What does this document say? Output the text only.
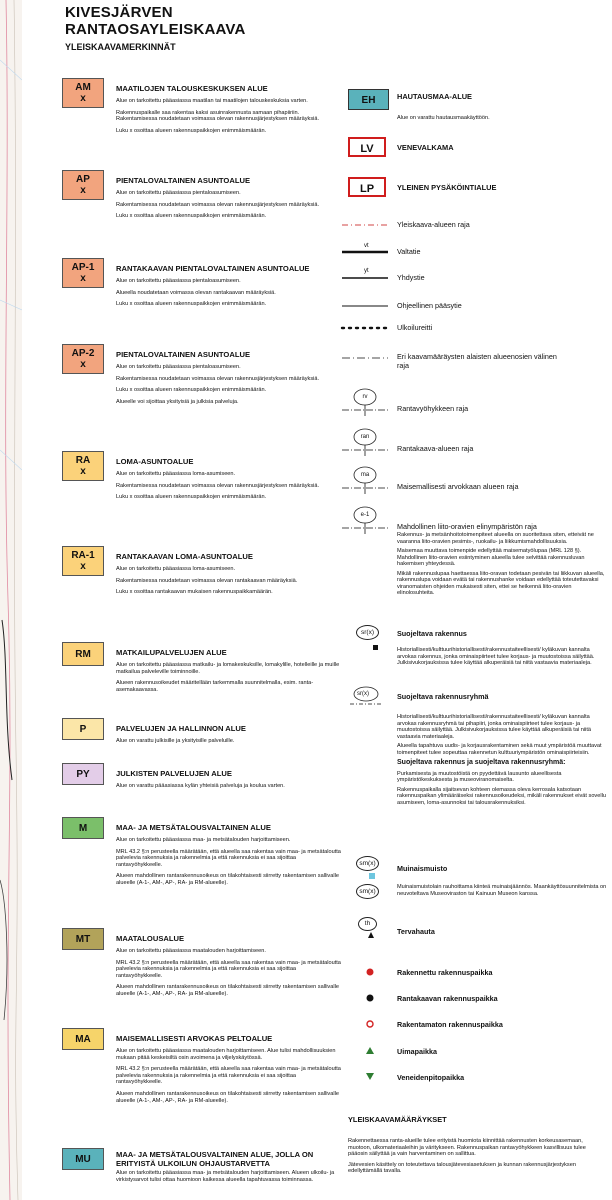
KIVESJÄRVEN
RANTAOSAYLEISKAAVA
YLEISKAAVAMERKINNÄT
AM
x
MAATILOJEN TALOUSKESKUKSEN ALUE
Alue on tarkoitettu pääasiassa maatilan tai maatilojen talouskeskuksia varten.
Rakennuspaikalle saa rakentaa kaksi asuinrakennusta samaan pihapiiriin. Rakentamisessa noudatetaan voimassa olevan rakennusjärjestyksen määräyksiä.
Luku x osoittaa alueen rakennuspaikkojen enimmäismäärän.
AP
x
PIENTALOVALTAINEN ASUNTOALUE
Alue on tarkoitettu pääasiassa pientaloasumiseen.
Rakentamisessa noudatetaan voimassa olevan rakennusjärjestyksen määräyksiä.
Luku x osoittaa alueen rakennuspaikkojen enimmäismäärän.
AP-1
x
RANTAKAAVAN PIENTALOVALTAINEN ASUNTOALUE
Alue on tarkoitettu pääasiassa pientaloasumiseen.
Alueella noudatetaan voimassa olevan rantakaavan määräyksiä.
Luku x osoittaa alueen rakennuspaikkojen enimmäismäärän.
AP-2
x
PIENTALOVALTAINEN ASUNTOALUE
Alue on tarkoitettu pääasiassa pientaloasumiseen.
Rakentamisessa noudatetaan voimassa olevan rakennusjärjestyksen määräyksiä.
Luku x osoittaa alueen rakennuspaikkojen enimmäismäärän.
Alueelle voi sijoittaa yksityisiä ja julkisia palveluja.
RA
x
LOMA-ASUNTOALUE
Alue on tarkoitettu pääasiassa loma-asumiseen.
Rakentamisessa noudatetaan voimassa olevan rakennusjärjestyksen määräyksiä.
Luku x osoittaa alueen rakennuspaikkojen enimmäismäärän.
RA-1
x
RANTAKAAVAN LOMA-ASUNTOALUE
Alue on tarkoitettu pääasiassa loma-asumiseen.
Rakentamisessa noudatetaan voimassa olevan rantakaavan määräyksiä.
Luku x osoittaa rantakaavan mukaisen rakennuspaikkamäärän.
RM	MATKAILUPALVELUJEN ALUE
Alue on tarkoitettu pääasiassa matkailu- ja lomakeskuksille, lomakylille, hotelleille ja muille matkailua palveleville toiminnoille.
Alueen rakennusoikeudet määritellään tarkemmalla suunnitelmalla, esim. ranta-asemakaavassa.
P	PALVELUJEN JA HALLINNON ALUE
Alue on varattu julkisille ja yksityisille palveluille.
PY	JULKISTEN PALVELUJEN ALUE
Alue on varattu pääasiassa kylän yhteisiä palveluja ja koulua varten.
M	MAA- JA METSÄTALOUSVALTAINEN ALUE
Alue on tarkoitettu pääasiassa maa- ja metsätalouden harjoittamiseen.
MRL 43.2 §:n perusteella määrätään, että alueella saa rakentaa vain maa- ja metsätaloutta palvelevia rakennuksia ja rakennelmia ja että rakennuksia ei saa sijoittaa rantavyöhykkeelle.
Alueen mahdollinen rantarakennusoikeus on tilakohtaisesti siirretty rakentamisen sallivalle alueelle (A-1-, AM-, AP-, RA- ja RM-alueelle).
MT	MAATALOUSALUE
Alue on tarkoitettu pääasiassa maatalouden harjoittamiseen.
MRL 43.2 §:n perusteella määrätään, että alueella saa rakentaa vain maa- ja metsätaloutta palvelevia rakennuksia ja rakennelmia ja että rakennuksia ei saa sijoittaa rantavyöhykkeelle.
Alueen mahdollinen rantarakennusoikeus on tilakohtaisesti siirretty rakentamisen sallivalle alueelle (A-1-, AM-, AP-, RA- ja RM-alueelle).
MA	MAISEMALLISESTI ARVOKAS PELTOALUE
Alue on tarkoitettu pääasiassa maatalouden harjoittamiseen. Alue tulisi mahdollisuuksien mukaan pitää keskeisiltä osin avoimena ja viljelyskäytössä.
MRL 43.2 §:n perusteella määrätään, että alueella saa rakentaa vain maa- ja metsätaloutta palvelevia rakennuksia ja rakennelmia ja että rakennuksia ei saa sijoittaa rantavyöhykkeelle.
Alueen mahdollinen rantarakennusoikeus on tilakohtaisesti siirretty rakentamisen sallivalle alueelle (A-1-, AM-, AP-, RA- ja RM-alueelle).
MU	MAA- JA METSÄTALOUSVALTAINEN ALUE, JOLLA ON ERITYISTÄ ULKOILUN OHJAUSTARVETTA
Alue on tarkoitettu pääasiassa maa- ja metsätalouden harjoittamiseen. Alueen ulkoilu- ja virkistysarvot tulisi ottaa huomioon kaikessa alueella tapahtuvassa toiminnassa.
EH	HAUTAUSMAA-ALUE
Alue on varattu hautausmaakäyttöön.
LV	VENEVALKAMA
LP	YLEINEN PYSÄKÖINTIALUE
vt
yt
Yleiskaava-alueen raja
Valtatie
Yhdystie
Ohjeellinen pääsytie
Ulkoilureitti
Eri kaavamääräysten alaisten alueenosien välinen raja
rv
Rantavyöhykkeen raja
ran
Rantakaava-alueen raja
ma
Maisemallisesti arvokkaan alueen raja
e-1
Mahdollinen liito-oravien elinympäristön raja
Rakennus- ja metsänhoitotoimenpiteet alueella on suoritettava siten, etteivät ne vaaranna liito-oravien pesimis-, ruokailu- ja liikkumismahdollisuuksia.
Maisemaa muuttava toimenpide edellyttää maisematyölupaa (MRL 128 §). Mahdollinen liito-oravien esiintyminen alueella tulee selvittää rakennusluvan hakemisen yhteydessä.
Mikäli rakennuslupaa haettaessa liito-oravan todetaan pesivän tai liikkuvan alueella, rakennuslupa voidaan evätä tai rakennushanke voidaan edellyttää toteutettavaksi viranomaisten ohjeiden mukaisesti siten, ettei se heikennä liito-oravien elinolosuhteita.
sr(x)	Suojeltava rakennus
Historiallisesti/kulttuurihistoriallisesti/rakennustaiteellisesti/ kyläkuvan kannalta arvokas rakennus, jonka ominaispiirteet tulee korjaus- ja muutostoissa säilyttää. Julkisivukorjauksissa tulee käyttää alkuperäisiä tai niitä vastaavia materiaaleja.
sr(x)	Suojeltava rakennusryhmä
Historiallisesti/kulttuurihistoriallisesti/rakennustaiteellisesti/ kyläkuvan kannalta arvokas rakennusryhmä tai pihapiiri, jonka ominaispiirteet tulee korjaus- ja muutostoissa säilyttää. Julkisivukorjauksissa tulee käyttää alkuperäisiä tai niitä vastaavia materiaaleja.
Alueella tapahtuva uudis- ja korjausrakentaminen sekä muut ympäristöä muuttavat toimenpiteet tulee sopeuttaa rakennetun kulttuuriympäristön ominaispiirteisiin.
Suojeltava rakennus ja suojeltava rakennusryhmä:
Purkamisesta ja muutostöistä on pyydettävä lausunto alueellisesta ympäristökeskuksesta ja museoviranomaiselta.
Rakennuspaikalla sijaitsevan kohteen olemassa oleva kerrosala katsotaan rakennuspaikan ylimääräiseksi rakennusoikeudeksi, mikäli rakennukset eivät sovellu asumiseen, loma-asunnoksi tai talousrakennuksiksi.
sm(x)
sm(x)
Muinaismuisto
Muinaismuistolain rauhoittama kiinteä muinaisjäännös. Maankäyttösuunnitelmista on neuvoteltava Museoviraston tai Kainuun Museon kanssa.
th
Tervahauta
Rakennettu rakennuspaikka
Rantakaavan rakennuspaikka
Rakentamaton rakennuspaikka
Uimapaikka
Veneidenpitopaikka
YLEISKAAVAMÄÄRÄYKSET
Rakennettaessa ranta-alueille tulee erityistä huomiota kiinnittää rakennusten korkeusasemaan, muotoon, ulkomateriaaleihin ja väritykseen. Rakennuspaikan rantavyöhykkeen kasvillisuus tulee pääosin säilyttää ja vain harventaminen on sallittua.
Jätevesien käsittely on toteutettava talousjätevesiasetuksen ja kunnan rakennusjärjestyksen edellyttämällä tavalla.
